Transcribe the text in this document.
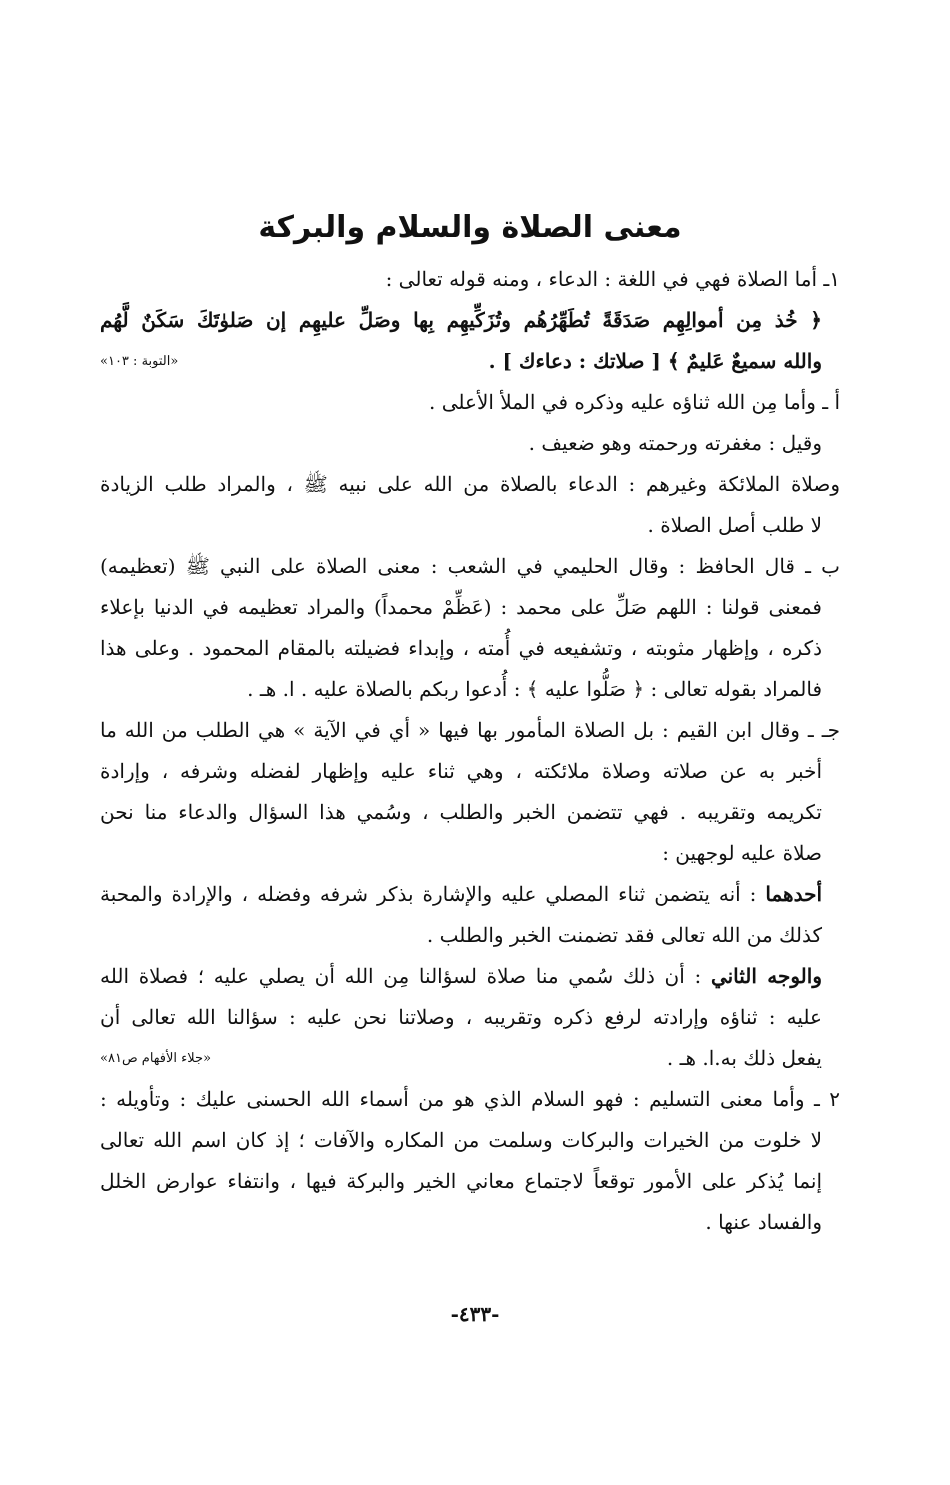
معنى الصلاة والسلام والبركة
١ـ أما الصلاة فهي في اللغة : الدعاء ، ومنه قوله تعالى :
﴿ خُذ مِن أموالِهِم صَدَقَةً تُطَهِّرُهُم وتُزَكِّيهِم بِها وصَلِّ عليهِم إن صَلوٰتَكَ سَكَنٌ لَّهُم
والله سميعٌ عَليمٌ ﴾ [ صلاتك : دعاءك ] .
«التوبة : ١٠٣»
أ ـ وأما مِن الله ثناؤه عليه وذكره في الملأ الأعلى .
وقيل : مغفرته ورحمته وهو ضعيف .
وصلاة الملائكة وغيرهم : الدعاء بالصلاة من الله على نبيه ﷺ ، والمراد طلب الزيادة
لا طلب أصل الصلاة .
ب ـ قال الحافظ : وقال الحليمي في الشعب : معنى الصلاة على النبي ﷺ (تعظيمه)
فمعنى قولنا : اللهم صَلِّ على محمد : (عَظِّمْ محمداً) والمراد تعظيمه في الدنيا بإعلاء
ذكره ، وإظهار مثوبته ، وتشفيعه في أُمته ، وإبداء فضيلته بالمقام المحمود . وعلى هذا
فالمراد بقوله تعالى : ﴿ صَلُّوا عليه ﴾ : أُدعوا ربكم بالصلاة عليه . ا. هـ .
جـ ـ وقال ابن القيم : بل الصلاة المأمور بها فيها « أي في الآية » هي الطلب من الله ما
أخبر به عن صلاته وصلاة ملائكته ، وهي ثناء عليه وإظهار لفضله وشرفه ، وإرادة
تكريمه وتقريبه . فهي تتضمن الخبر والطلب ، وسُمي هذا السؤال والدعاء منا نحن
صلاة عليه لوجهين :
أحدهما : أنه يتضمن ثناء المصلي عليه والإشارة بذكر شرفه وفضله ، والإرادة والمحبة
كذلك من الله تعالى فقد تضمنت الخبر والطلب .
والوجه الثاني : أن ذلك سُمي منا صلاة لسؤالنا مِن الله أن يصلي عليه ؛ فصلاة الله
عليه : ثناؤه وإرادته لرفع ذكره وتقريبه ، وصلاتنا نحن عليه : سؤالنا الله تعالى أن
يفعل ذلك به.ا. هـ .
«جلاء الأفهام ص٨١»
٢ ـ وأما معنى التسليم : فهو السلام الذي هو من أسماء الله الحسنى عليك : وتأويله :
لا خلوت من الخيرات والبركات وسلمت من المكاره والآفات ؛ إذ كان اسم الله تعالى
إنما يُذكر على الأمور توقعاً لاجتماع معاني الخير والبركة فيها ، وانتفاء عوارض الخلل
والفساد عنها .
-٤٣٣-
